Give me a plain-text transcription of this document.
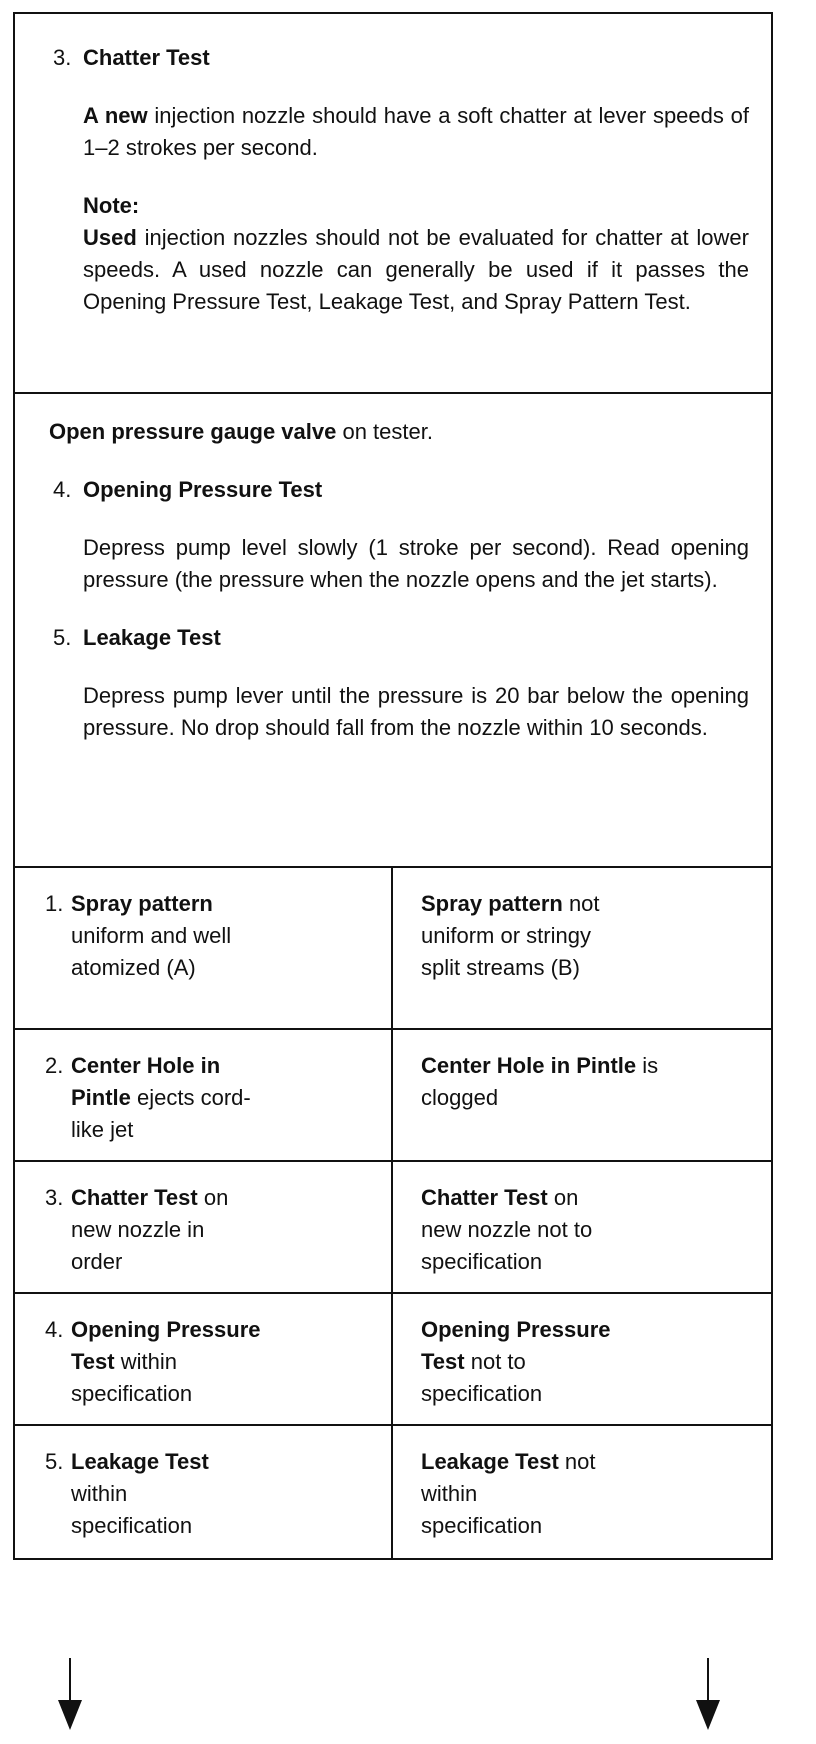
3. Chatter Test
A new injection nozzle should have a soft chatter at lever speeds of 1–2 strokes per second.
Note:
Used injection nozzles should not be evaluated for chatter at lower speeds. A used nozzle can generally be used if it passes the Opening Pressure Test, Leakage Test, and Spray Pattern Test.
Open pressure gauge valve on tester.
4. Opening Pressure Test
Depress pump level slowly (1 stroke per second). Read opening pressure (the pressure when the nozzle opens and the jet starts).
5. Leakage Test
Depress pump lever until the pressure is 20 bar below the opening pressure. No drop should fall from the nozzle within 10 seconds.
1. Spray pattern uniform and well atomized (A)
Spray pattern not uniform or stringy split streams (B)
2. Center Hole in Pintle ejects cord-like jet
Center Hole in Pintle is clogged
3. Chatter Test on new nozzle in order
Chatter Test on new nozzle not to specification
4. Opening Pressure Test within specification
Opening Pressure Test not to specification
5. Leakage Test within specification
Leakage Test not within specification
